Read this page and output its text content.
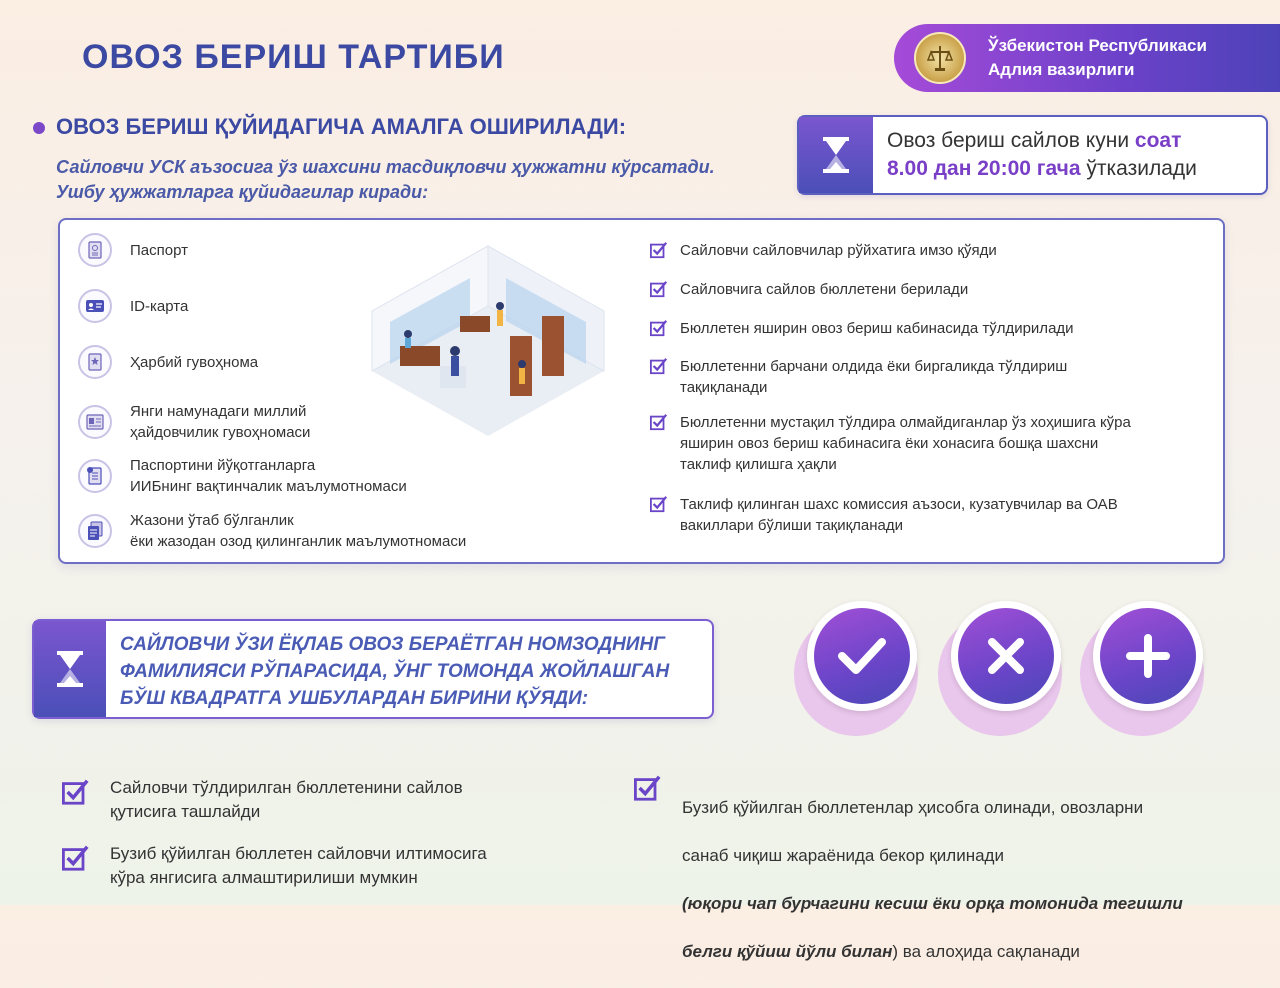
ОВОЗ БЕРИШ ТАРТИБИ	Ўзбекистон Республикаси
Адлия вазирлиги
ОВОЗ БЕРИШ ҚУЙИДАГИЧА АМАЛГА ОШИРИЛАДИ:
Сайловчи УСК аъзосига ўз шахсини тасдиқловчи ҳужжатни кўрсатади.
Ушбу ҳужжатларга қуйидагилар киради:
Овоз бериш сайлов куни соат
8.00 дан 20:00 гача ўтказилади
Паспорт
ID-карта
Ҳарбий гувоҳнома
Янги намунадаги миллий
ҳайдовчилик гувоҳномаси
Паспортини йўқотганларга
ИИБнинг вақтинчалик маълумотномаси
Жазони ўтаб бўлганлик
ёки жазодан озод қилинганлик маълумотномаси
Сайловчи сайловчилар рўйхатига имзо қўяди
Сайловчига сайлов бюллетени берилади
Бюллетен яширин овоз бериш кабинасида тўлдирилади
Бюллетенни барчани олдида ёки биргаликда тўлдириш
тақиқланади
Бюллетенни мустақил тўлдира олмайдиганлар ўз хоҳишига кўра
яширин овоз бериш кабинасига ёки хонасига бошқа шахсни
таклиф қилишга ҳақли
Таклиф қилинган шахс комиссия аъзоси, кузатувчилар ва ОАВ
вакиллари бўлиши тақиқланади
САЙЛОВЧИ ЎЗИ ЁҚЛАБ ОВОЗ БЕРАЁТГАН НОМЗОДНИНГ
ФАМИЛИЯСИ РЎПАРАСИДА, ЎНГ ТОМОНДА ЖОЙЛАШГАН
БЎШ КВАДРАТГА УШБУЛАРДАН БИРИНИ ҚЎЯДИ:
Сайловчи тўлдирилган бюллетенини сайлов
қутисига ташлайди
Бузиб қўйилган бюллетен сайловчи илтимосига
кўра янгисига алмаштирилиши мумкин

Бузиб қўйилган бюллетенлар ҳисобга олинади, овозларни

санаб чиқиш жараёнида бекор қилинади

(юқори чап бурчагини кесиш ёки орқа томонида тегишли

белги қўйиш йўли билан) ва алоҳида сақланади
